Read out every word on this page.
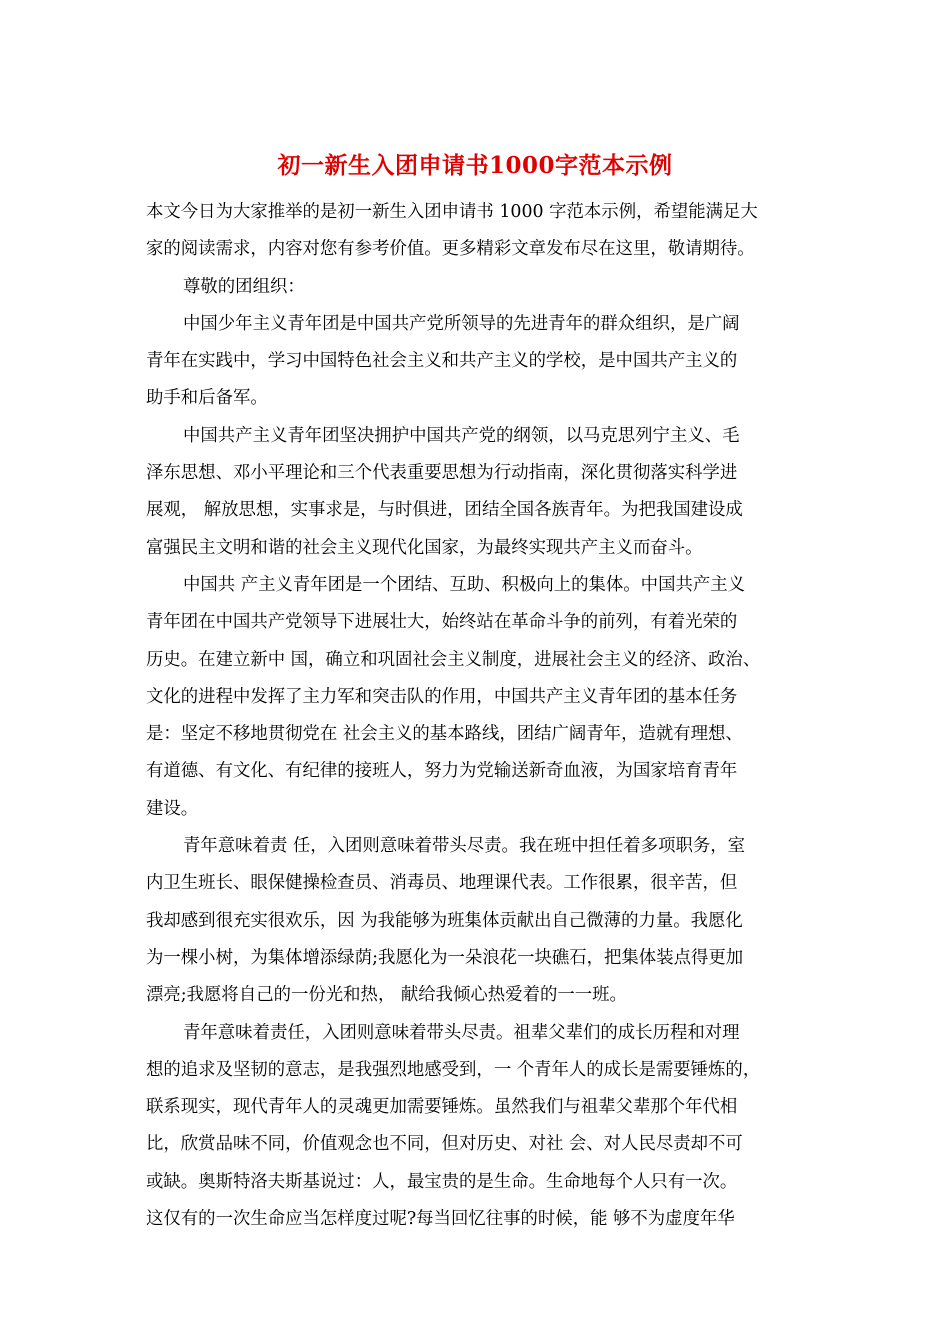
初一新生入团申请书1000字范本示例
本文今日为大家推举的是初一新生入团申请书 1000 字范本示例，希望能满足大
家的阅读需求，内容对您有参考价值。更多精彩文章发布尽在这里，敬请期待。
尊敬的团组织：
中国少年主义青年团是中国共产党所领导的先进青年的群众组织，是广阔
青年在实践中，学习中国特色社会主义和共产主义的学校，是中国共产主义的
助手和后备军。
中国共产主义青年团坚决拥护中国共产党的纲领，以马克思列宁主义、毛
泽东思想、邓小平理论和三个代表重要思想为行动指南，深化贯彻落实科学进
展观， 解放思想，实事求是，与时俱进，团结全国各族青年。为把我国建设成
富强民主文明和谐的社会主义现代化国家，为最终实现共产主义而奋斗。
中国共 产主义青年团是一个团结、互助、积极向上的集体。中国共产主义
青年团在中国共产党领导下进展壮大，始终站在革命斗争的前列，有着光荣的
历史。在建立新中 国，确立和巩固社会主义制度，进展社会主义的经济、政治、
文化的进程中发挥了主力军和突击队的作用，中国共产主义青年团的基本任务
是：坚定不移地贯彻党在 社会主义的基本路线，团结广阔青年，造就有理想、
有道德、有文化、有纪律的接班人，努力为党输送新奇血液，为国家培育青年
建设。
青年意味着责 任，入团则意味着带头尽责。我在班中担任着多项职务，室
内卫生班长、眼保健操检查员、消毒员、地理课代表。工作很累，很辛苦，但
我却感到很充实很欢乐，因 为我能够为班集体贡献出自己微薄的力量。我愿化
为一棵小树，为集体增添绿荫;我愿化为一朵浪花一块礁石，把集体装点得更加
漂亮;我愿将自己的一份光和热， 献给我倾心热爱着的一一班。
青年意味着责任，入团则意味着带头尽责。祖辈父辈们的成长历程和对理
想的追求及坚韧的意志，是我强烈地感受到，一 个青年人的成长是需要锤炼的，
联系现实，现代青年人的灵魂更加需要锤炼。虽然我们与祖辈父辈那个年代相
比，欣赏品味不同，价值观念也不同，但对历史、对社 会、对人民尽责却不可
或缺。奥斯特洛夫斯基说过：人，最宝贵的是生命。生命地每个人只有一次。
这仅有的一次生命应当怎样度过呢?每当回忆往事的时候，能 够不为虚度年华
